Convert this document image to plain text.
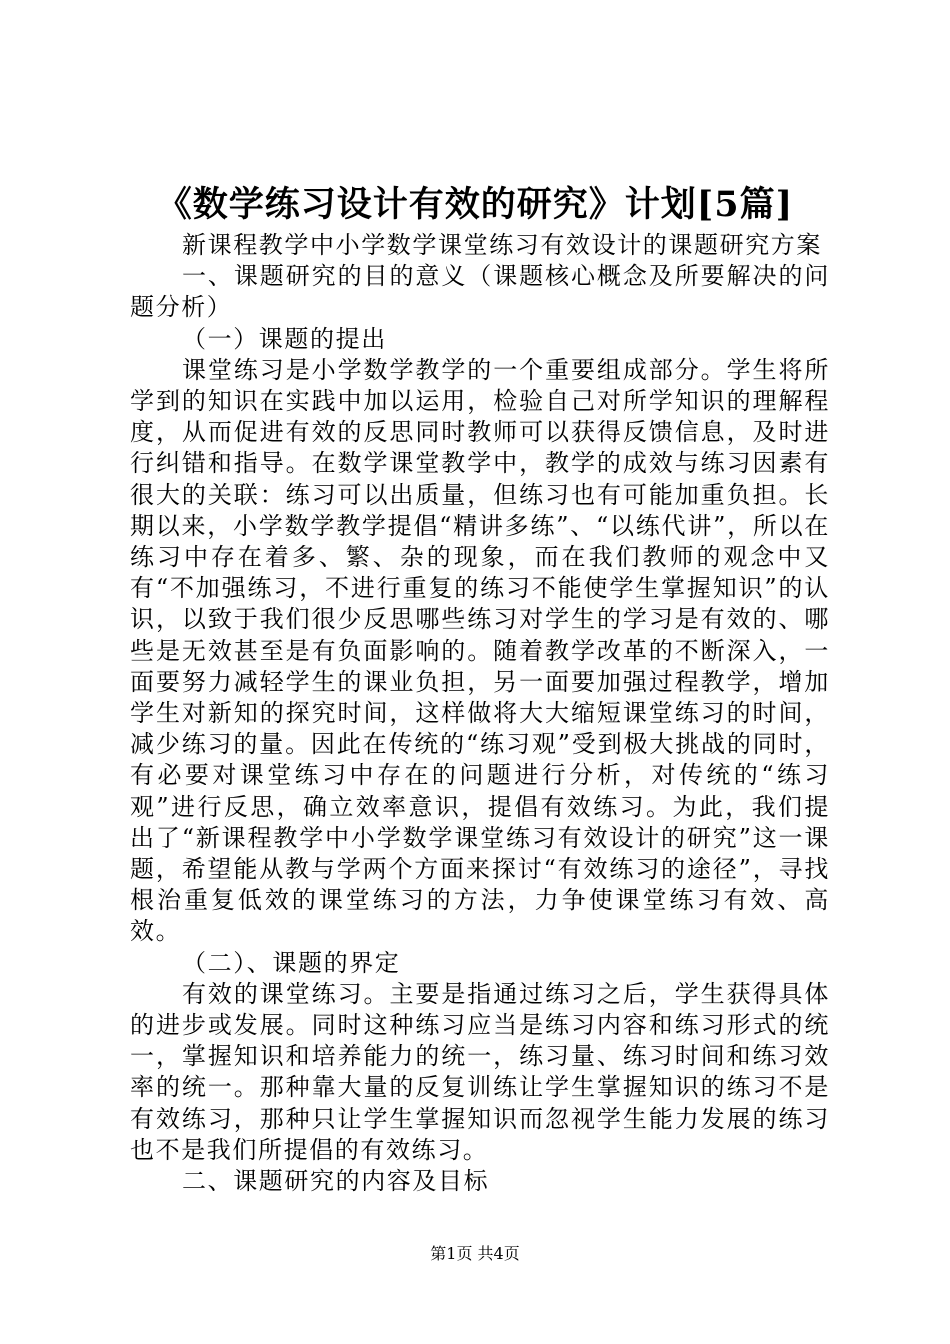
《数学练习设计有效的研究》计划[5篇]

新课程教学中小学数学课堂练习有效设计的课题研究方案

一、课题研究的目的意义（课题核心概念及所要解决的问题分析）

（一）课题的提出

课堂练习是小学数学教学的一个重要组成部分。学生将所学到的知识在实践中加以运用，检验自己对所学知识的理解程度，从而促进有效的反思同时教师可以获得反馈信息，及时进行纠错和指导。在数学课堂教学中，教学的成效与练习因素有很大的关联：练习可以出质量，但练习也有可能加重负担。长期以来，小学数学教学提倡“精讲多练”、“以练代讲”，所以在练习中存在着多、繁、杂的现象，而在我们教师的观念中又有“不加强练习，不进行重复的练习不能使学生掌握知识”的认识，以致于我们很少反思哪些练习对学生的学习是有效的、哪些是无效甚至是有负面影响的。随着教学改革的不断深入，一面要努力减轻学生的课业负担，另一面要加强过程教学，增加学生对新知的探究时间，这样做将大大缩短课堂练习的时间，减少练习的量。因此在传统的“练习观”受到极大挑战的同时，有必要对课堂练习中存在的问题进行分析，对传统的“练习观”进行反思，确立效率意识，提倡有效练习。为此，我们提出了“新课程教学中小学数学课堂练习有效设计的研究”这一课题，希望能从教与学两个方面来探讨“有效练习的途径”，寻找根治重复低效的课堂练习的方法，力争使课堂练习有效、高效。

（二）、课题的界定

有效的课堂练习。主要是指通过练习之后，学生获得具体的进步或发展。同时这种练习应当是练习内容和练习形式的统一，掌握知识和培养能力的统一，练习量、练习时间和练习效率的统一。那种靠大量的反复训练让学生掌握知识的练习不是有效练习，那种只让学生掌握知识而忽视学生能力发展的练习也不是我们所提倡的有效练习。

二、课题研究的内容及目标

第1页 共4页
